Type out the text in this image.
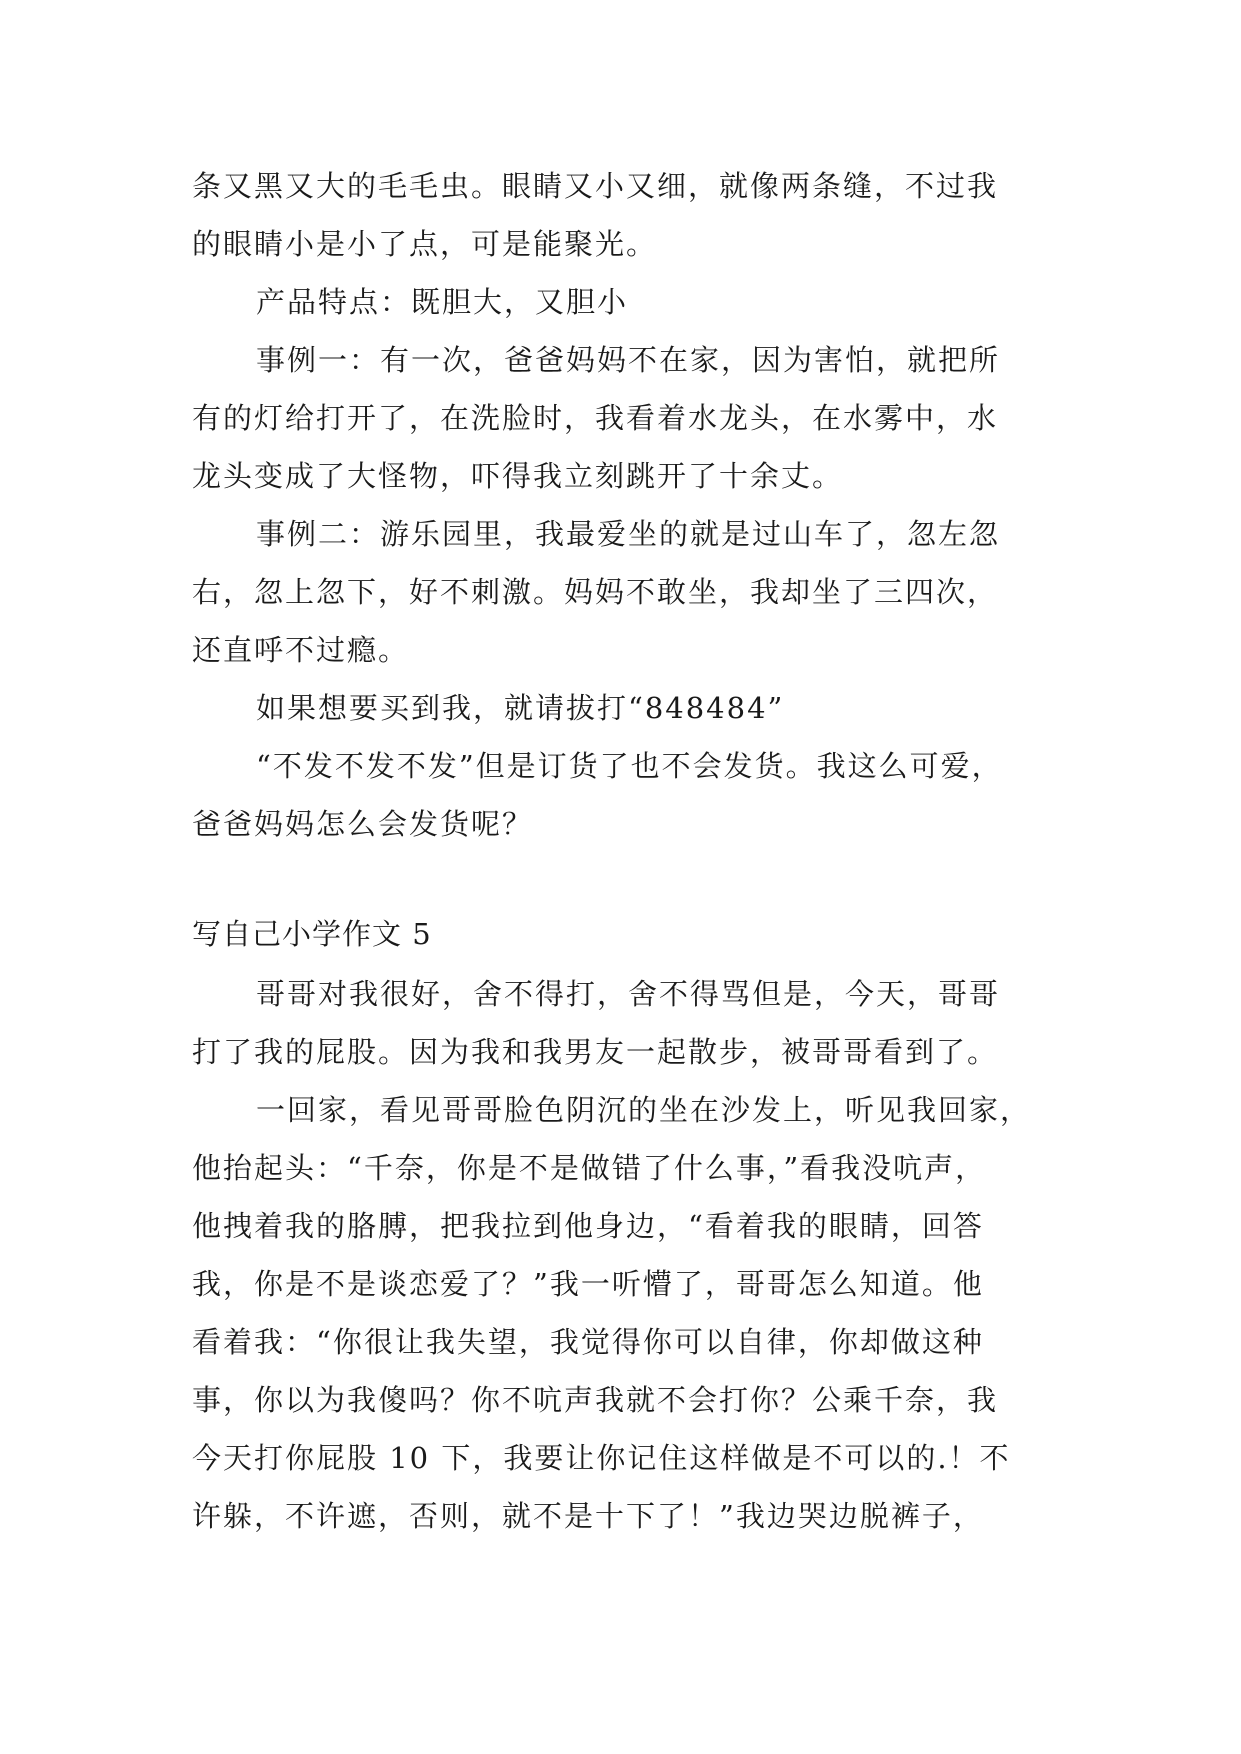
条又黑又大的毛毛虫。眼睛又小又细，就像两条缝，不过我
的眼睛小是小了点，可是能聚光。
产品特点：既胆大，又胆小
事例一：有一次，爸爸妈妈不在家，因为害怕，就把所
有的灯给打开了，在洗脸时，我看着水龙头，在水雾中，水
龙头变成了大怪物，吓得我立刻跳开了十余丈。
事例二：游乐园里，我最爱坐的就是过山车了，忽左忽
右，忽上忽下，好不刺激。妈妈不敢坐，我却坐了三四次，
还直呼不过瘾。
如果想要买到我，就请拔打“848484”
“不发不发不发”但是订货了也不会发货。我这么可爱，
爸爸妈妈怎么会发货呢？
写自己小学作文 5
哥哥对我很好，舍不得打，舍不得骂但是，今天，哥哥
打了我的屁股。因为我和我男友一起散步，被哥哥看到了。
一回家，看见哥哥脸色阴沉的坐在沙发上，听见我回家，
他抬起头：“千奈，你是不是做错了什么事，”看我没吭声，
他拽着我的胳膊，把我拉到他身边，“看着我的眼睛，回答
我，你是不是谈恋爱了？”我一听懵了，哥哥怎么知道。他
看着我：“你很让我失望，我觉得你可以自律，你却做这种
事，你以为我傻吗？你不吭声我就不会打你？公乘千奈，我
今天打你屁股 10 下，我要让你记住这样做是不可以的.！不
许躲，不许遮，否则，就不是十下了！”我边哭边脱裤子，
